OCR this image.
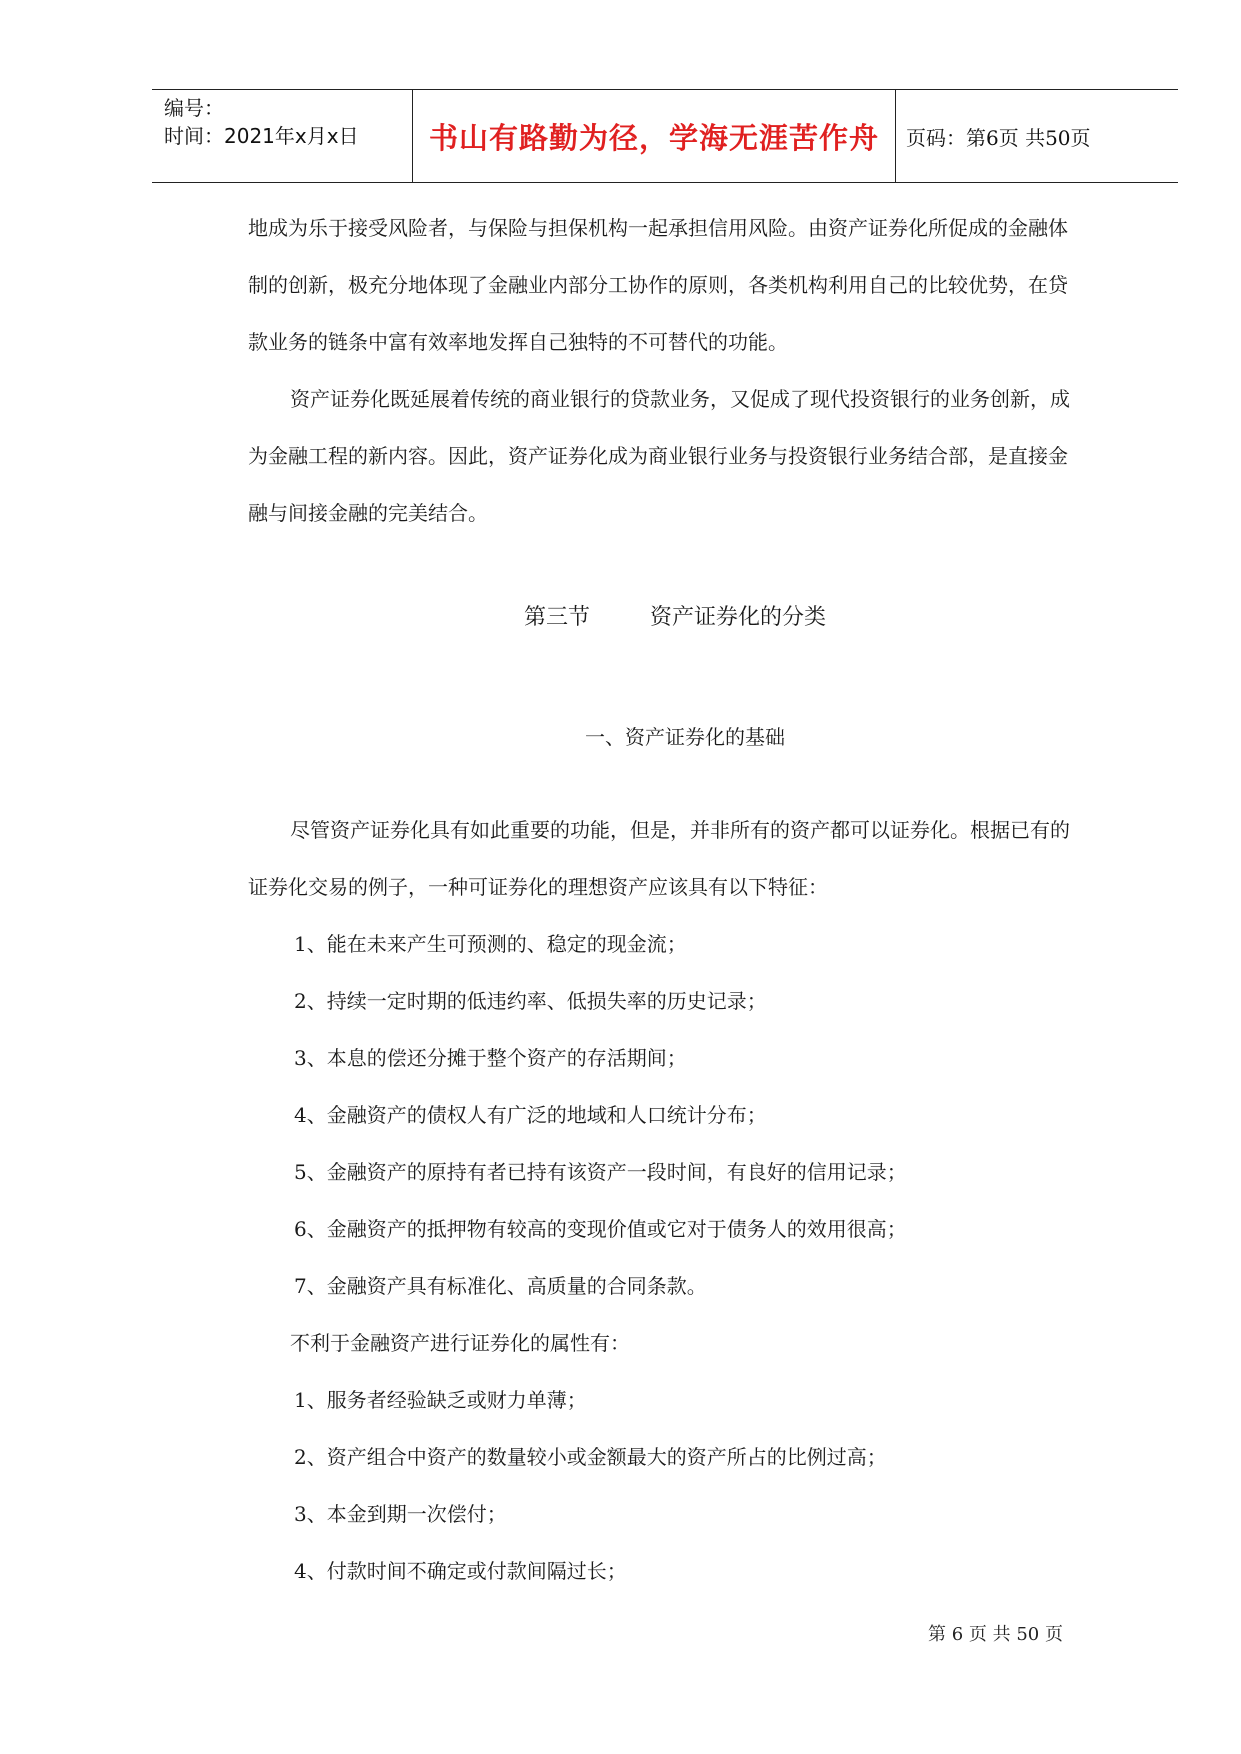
编号：
时间：2021年x月x日	书山有路勤为径，学海无涯苦作舟	页码：第6页 共50页

地成为乐于接受风险者，与保险与担保机构一起承担信用风险。由资产证券化所促成的金融体制的创新，极充分地体现了金融业内部分工协作的原则，各类机构利用自己的比较优势，在贷款业务的链条中富有效率地发挥自己独特的不可替代的功能。

资产证券化既延展着传统的商业银行的贷款业务，又促成了现代投资银行的业务创新，成为金融工程的新内容。因此，资产证券化成为商业银行业务与投资银行业务结合部，是直接金融与间接金融的完美结合。

第三节	资产证券化的分类

一、资产证券化的基础

尽管资产证券化具有如此重要的功能，但是，并非所有的资产都可以证券化。根据已有的证券化交易的例子，一种可证券化的理想资产应该具有以下特征：

1、能在未来产生可预测的、稳定的现金流；

2、持续一定时期的低违约率、低损失率的历史记录；

3、本息的偿还分摊于整个资产的存活期间；

4、金融资产的债权人有广泛的地域和人口统计分布；

5、金融资产的原持有者已持有该资产一段时间，有良好的信用记录；

6、金融资产的抵押物有较高的变现价值或它对于债务人的效用很高；

7、金融资产具有标准化、高质量的合同条款。

不利于金融资产进行证券化的属性有：

1、服务者经验缺乏或财力单薄；

2、资产组合中资产的数量较小或金额最大的资产所占的比例过高；

3、本金到期一次偿付；

4、付款时间不确定或付款间隔过长；

第 6 页 共 50 页
